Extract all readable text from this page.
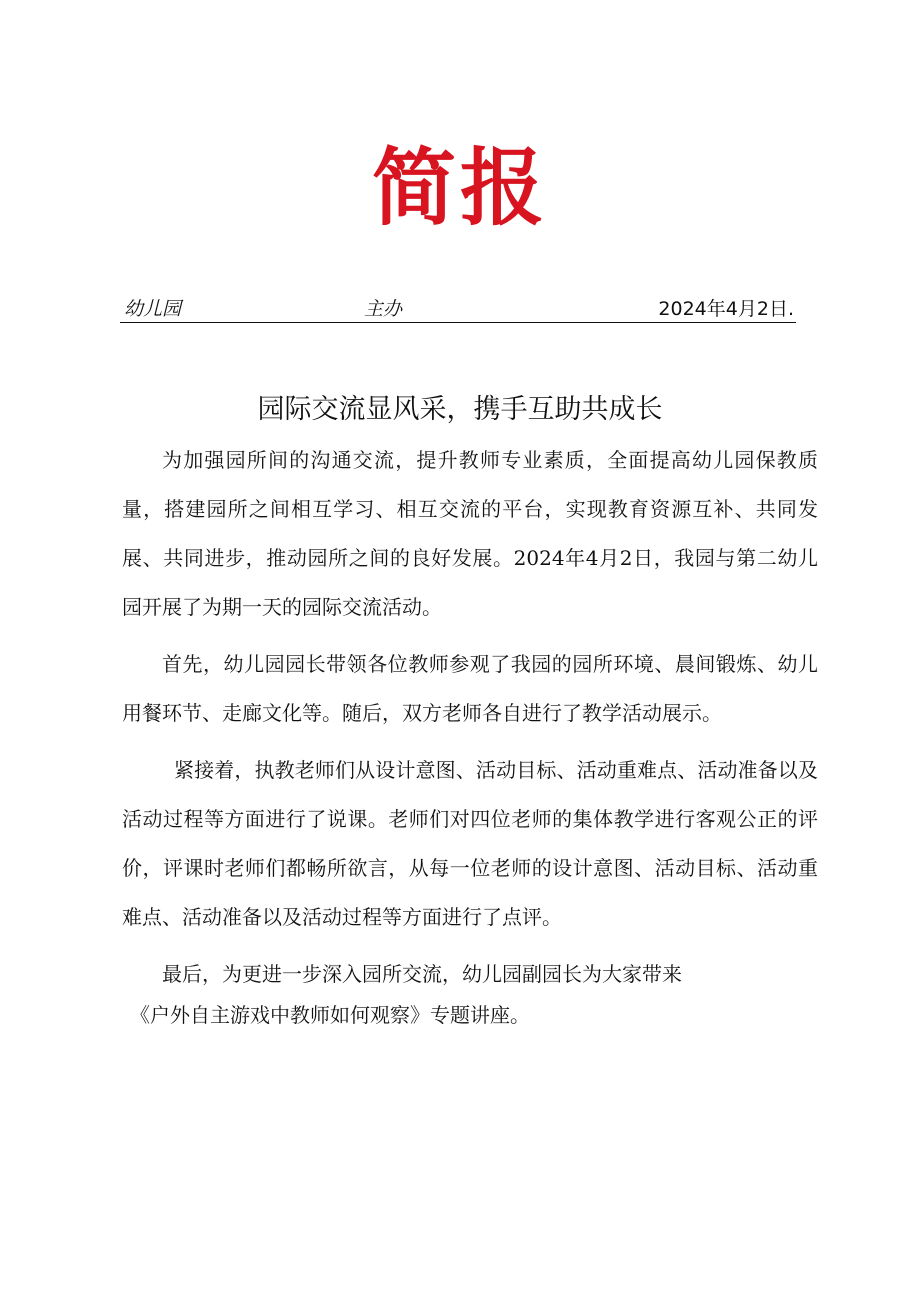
简报
幼儿园	主办	2024年4月2日.
园际交流显风采，携手互助共成长

为加强园所间的沟通交流，提升教师专业素质，全面提高幼儿园保教质量，搭建园所之间相互学习、相互交流的平台，实现教育资源互补、共同发展、共同进步，推动园所之间的良好发展。2024年4月2日，我园与第二幼儿园开展了为期一天的园际交流活动。

首先，幼儿园园长带领各位教师参观了我园的园所环境、晨间锻炼、幼儿用餐环节、走廊文化等。随后，双方老师各自进行了教学活动展示。

紧接着，执教老师们从设计意图、活动目标、活动重难点、活动准备以及活动过程等方面进行了说课。老师们对四位老师的集体教学进行客观公正的评价，评课时老师们都畅所欲言，从每一位老师的设计意图、活动目标、活动重难点、活动准备以及活动过程等方面进行了点评。

最后，为更进一步深入园所交流，幼儿园副园长为大家带来

《户外自主游戏中教师如何观察》专题讲座。
